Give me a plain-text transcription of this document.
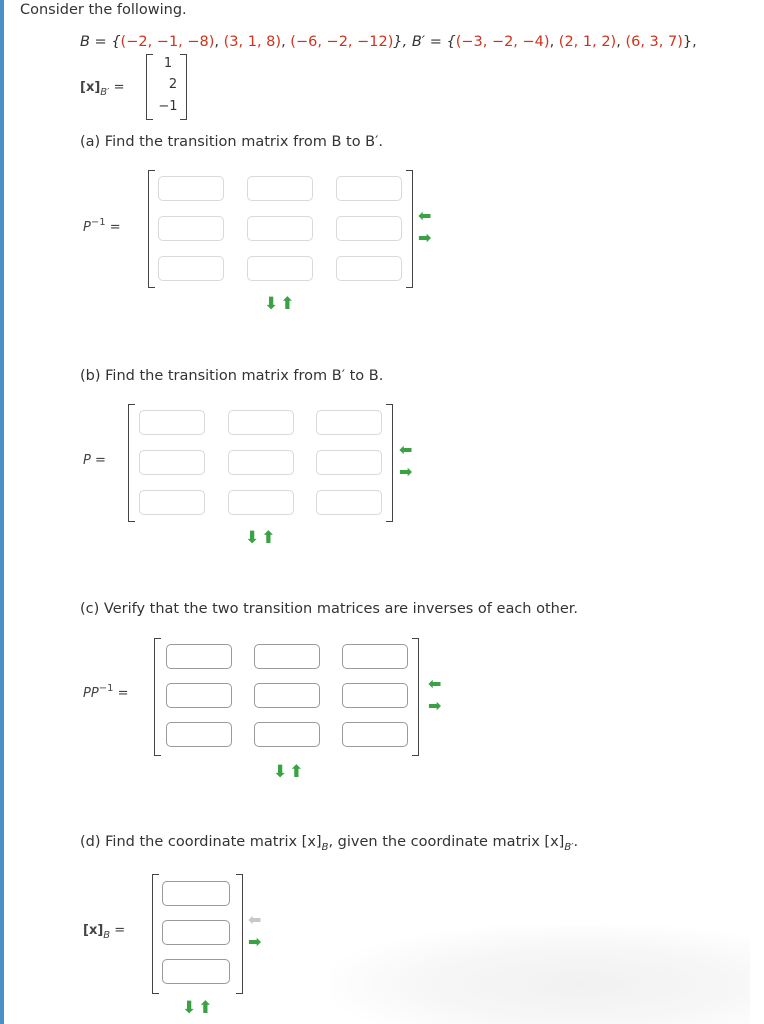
Consider the following.
B = {(−2, −1, −8), (3, 1, 8), (−6, −2, −12)}, B′ = {(−3, −2, −4), (2, 1, 2), (6, 3, 7)},
$[x]_{B'}$ =
1
2
−1
(a) Find the transition matrix from B to B′.
$P^{-1}$ =
⬅
➡
⬇⬆
(b) Find the transition matrix from B′ to B.
P =
⬅
➡
⬇⬆
(c) Verify that the two transition matrices are inverses of each other.
$PP^{-1}$ =
⬅
➡
⬇⬆
(d) Find the coordinate matrix $[x]_B$, given the coordinate matrix $[x]_{B'}$.
$[x]_B$ =
⬅
➡
⬇⬆
